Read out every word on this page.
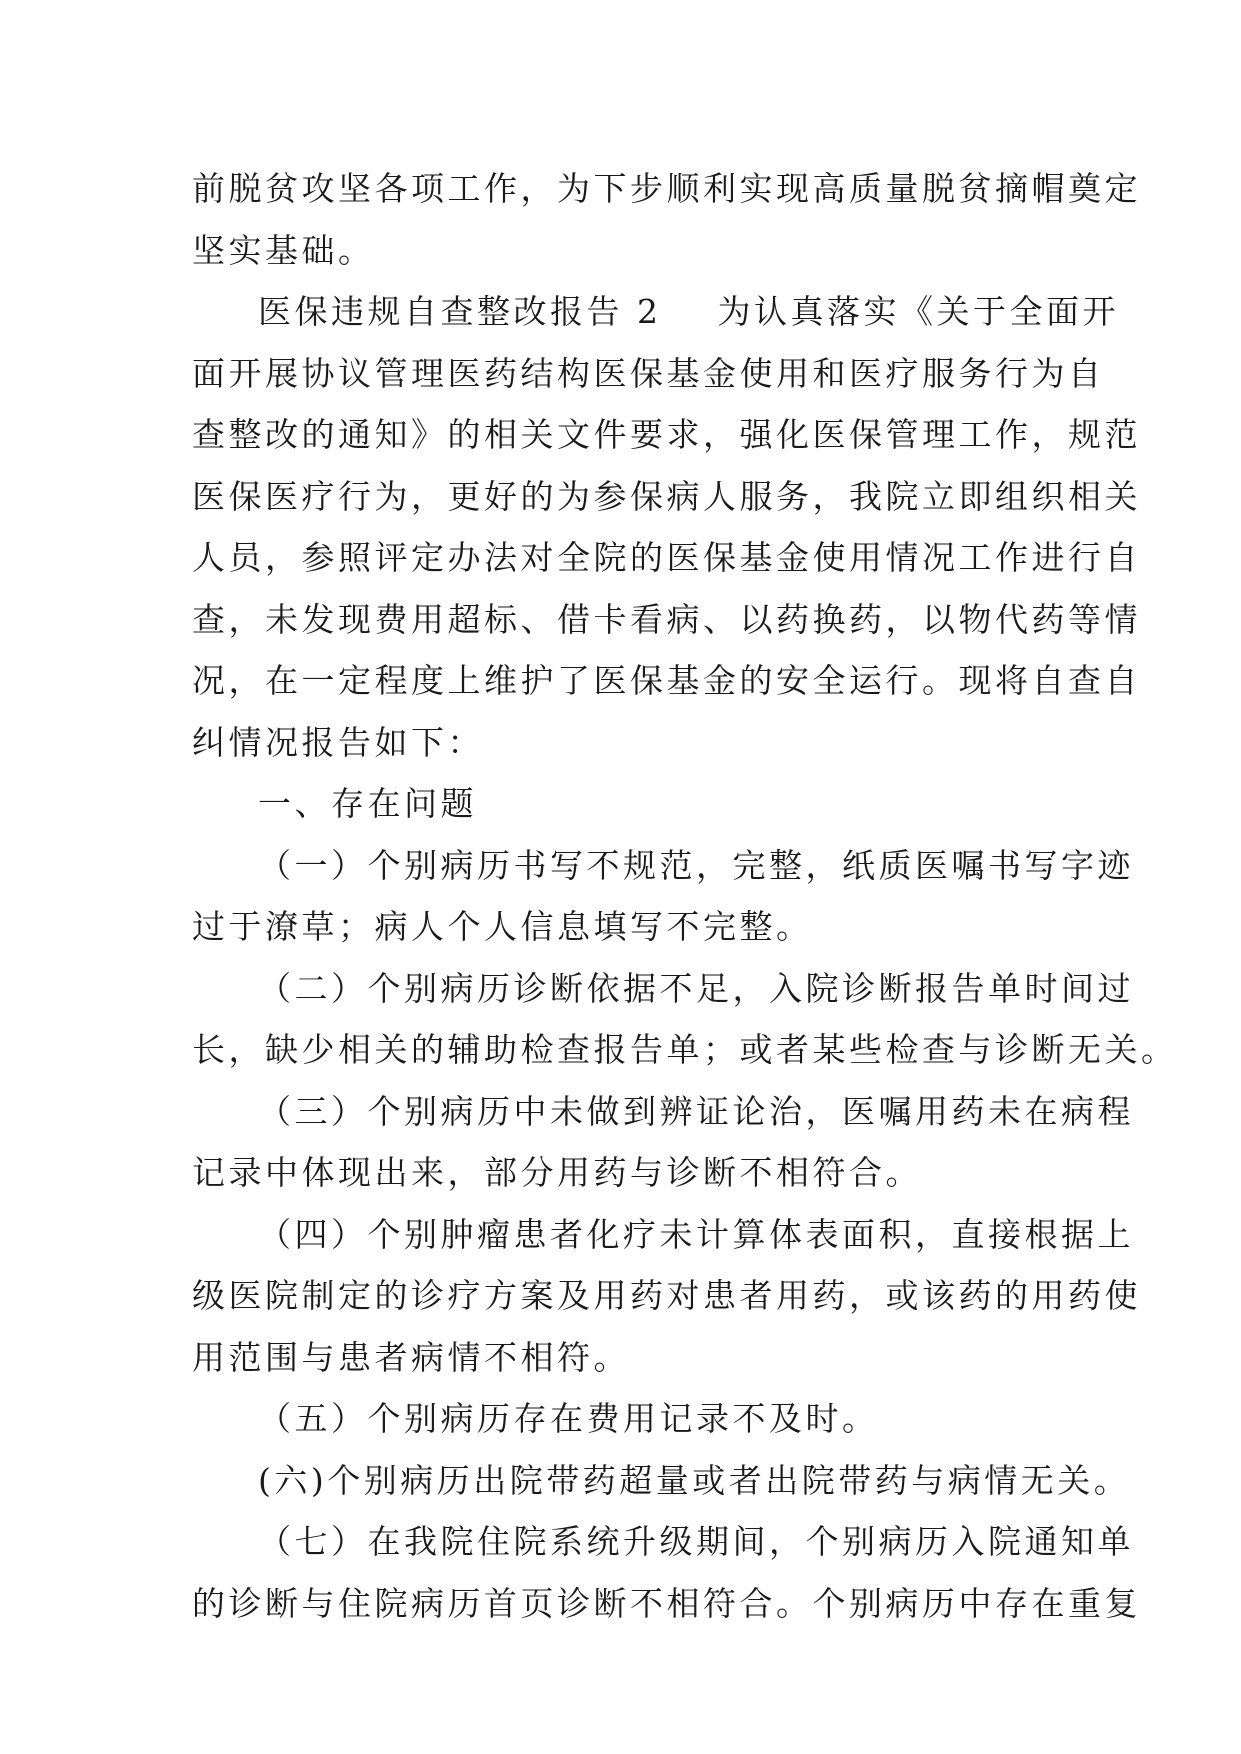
前脱贫攻坚各项工作，为下步顺利实现高质量脱贫摘帽奠定
坚实基础。
医保违规自查整改报告 2 为认真落实《关于全面开
面开展协议管理医药结构医保基金使用和医疗服务行为自
查整改的通知》的相关文件要求，强化医保管理工作，规范
医保医疗行为，更好的为参保病人服务，我院立即组织相关
人员，参照评定办法对全院的医保基金使用情况工作进行自
查，未发现费用超标、借卡看病、以药换药，以物代药等情
况，在一定程度上维护了医保基金的安全运行。现将自查自
纠情况报告如下：
一、存在问题
（一）个别病历书写不规范，完整，纸质医嘱书写字迹
过于潦草；病人个人信息填写不完整。
（二）个别病历诊断依据不足，入院诊断报告单时间过
长，缺少相关的辅助检查报告单；或者某些检查与诊断无关。
（三）个别病历中未做到辨证论治，医嘱用药未在病程
记录中体现出来，部分用药与诊断不相符合。
（四）个别肿瘤患者化疗未计算体表面积，直接根据上
级医院制定的诊疗方案及用药对患者用药，或该药的用药使
用范围与患者病情不相符。
（五）个别病历存在费用记录不及时。
(六)个别病历出院带药超量或者出院带药与病情无关。
（七）在我院住院系统升级期间，个别病历入院通知单
的诊断与住院病历首页诊断不相符合。个别病历中存在重复
